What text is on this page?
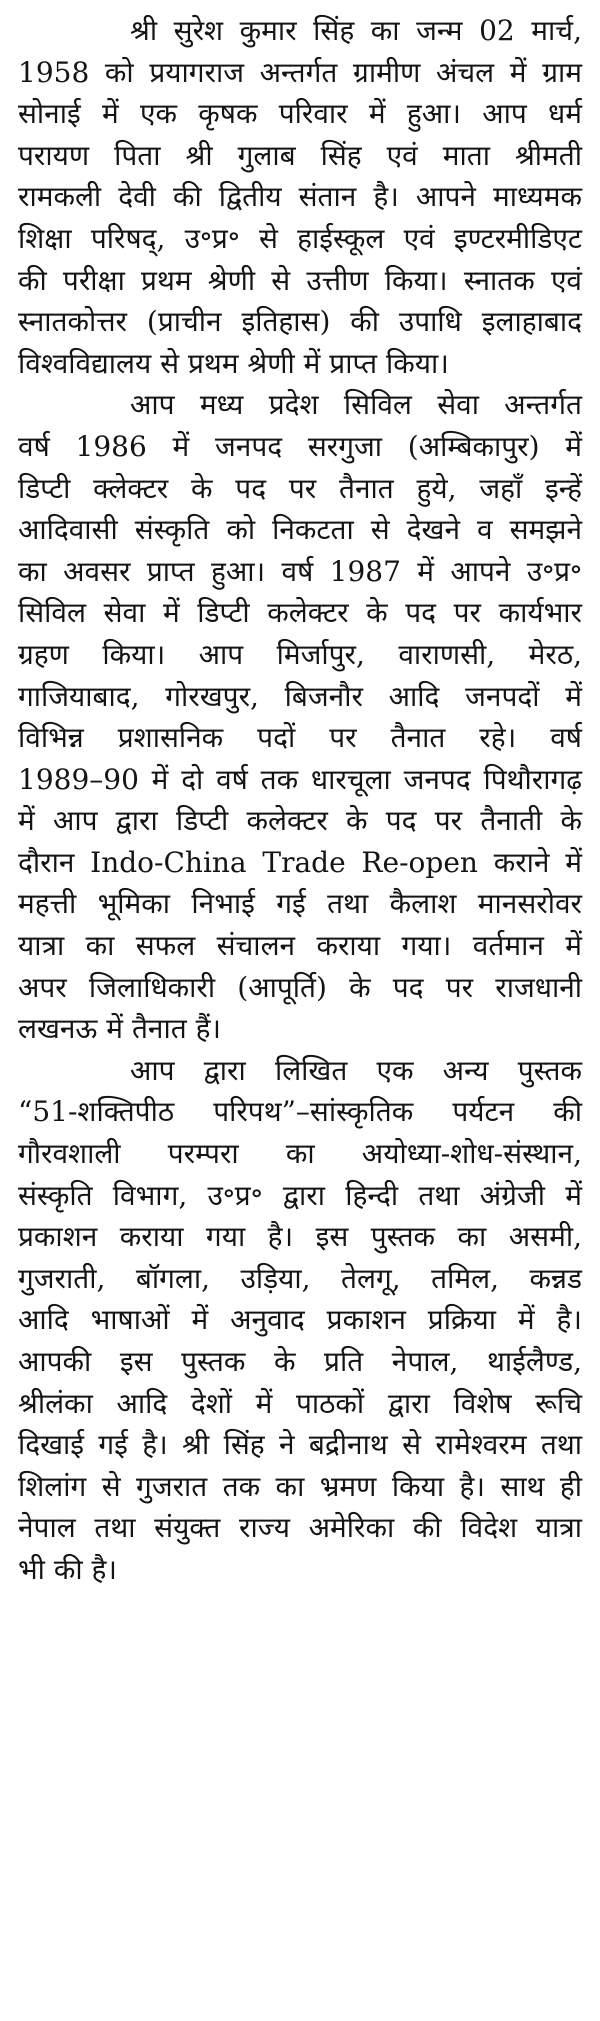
श्री सुरेश कुमार सिंह का जन्म 02 मार्च,
1958 को प्रयागराज अन्तर्गत ग्रामीण अंचल में ग्राम
सोनाई में एक कृषक परिवार में हुआ। आप धर्म
परायण पिता श्री गुलाब सिंह एवं माता श्रीमती
रामकली देवी की द्वितीय संतान है। आपने माध्यमक
शिक्षा परिषद्, उ॰प्र॰ से हाईस्कूल एवं इण्टरमीडिएट
की परीक्षा प्रथम श्रेणी से उत्तीण किया। स्नातक एवं
स्नातकोत्तर (प्राचीन इतिहास) की उपाधि इलाहाबाद
विश्वविद्यालय से प्रथम श्रेणी में प्राप्त किया।

आप मध्य प्रदेश सिविल सेवा अन्तर्गत
वर्ष 1986 में जनपद सरगुजा (अम्बिकापुर) में
डिप्टी क्लेक्टर के पद पर तैनात हुये, जहाँ इन्हें
आदिवासी संस्कृति को निकटता से देखने व समझने
का अवसर प्राप्त हुआ। वर्ष 1987 में आपने उ॰प्र॰
सिविल सेवा में डिप्टी कलेक्टर के पद पर कार्यभार
ग्रहण किया। आप मिर्जापुर, वाराणसी, मेरठ,
गाजियाबाद, गोरखपुर, बिजनौर आदि जनपदों में
विभिन्न प्रशासनिक पदों पर तैनात रहे। वर्ष
1989–90 में दो वर्ष तक धारचूला जनपद पिथौरागढ़
में आप द्वारा डिप्टी कलेक्टर के पद पर तैनाती के
दौरान Indo-China Trade Re-open कराने में
महत्ती भूमिका निभाई गई तथा कैलाश मानसरोवर
यात्रा का सफल संचालन कराया गया। वर्तमान में
अपर जिलाधिकारी (आपूर्ति) के पद पर राजधानी
लखनऊ में तैनात हैं।

आप द्वारा लिखित एक अन्य पुस्तक
“51-शक्तिपीठ परिपथ”–सांस्कृतिक पर्यटन की
गौरवशाली परम्परा का अयोध्या-शोध-संस्थान,
संस्कृति विभाग, उ॰प्र॰ द्वारा हिन्दी तथा अंग्रेजी में
प्रकाशन कराया गया है। इस पुस्तक का असमी,
गुजराती, बॉगला, उड़िया, तेलगू, तमिल, कन्नड
आदि भाषाओं में अनुवाद प्रकाशन प्रक्रिया में है।
आपकी इस पुस्तक के प्रति नेपाल, थाईलैण्ड,
श्रीलंका आदि देशों में पाठकों द्वारा विशेष रूचि
दिखाई गई है। श्री सिंह ने बद्रीनाथ से रामेश्वरम तथा
शिलांग से गुजरात तक का भ्रमण किया है। साथ ही
नेपाल तथा संयुक्त राज्य अमेरिका की विदेश यात्रा
भी की है।
